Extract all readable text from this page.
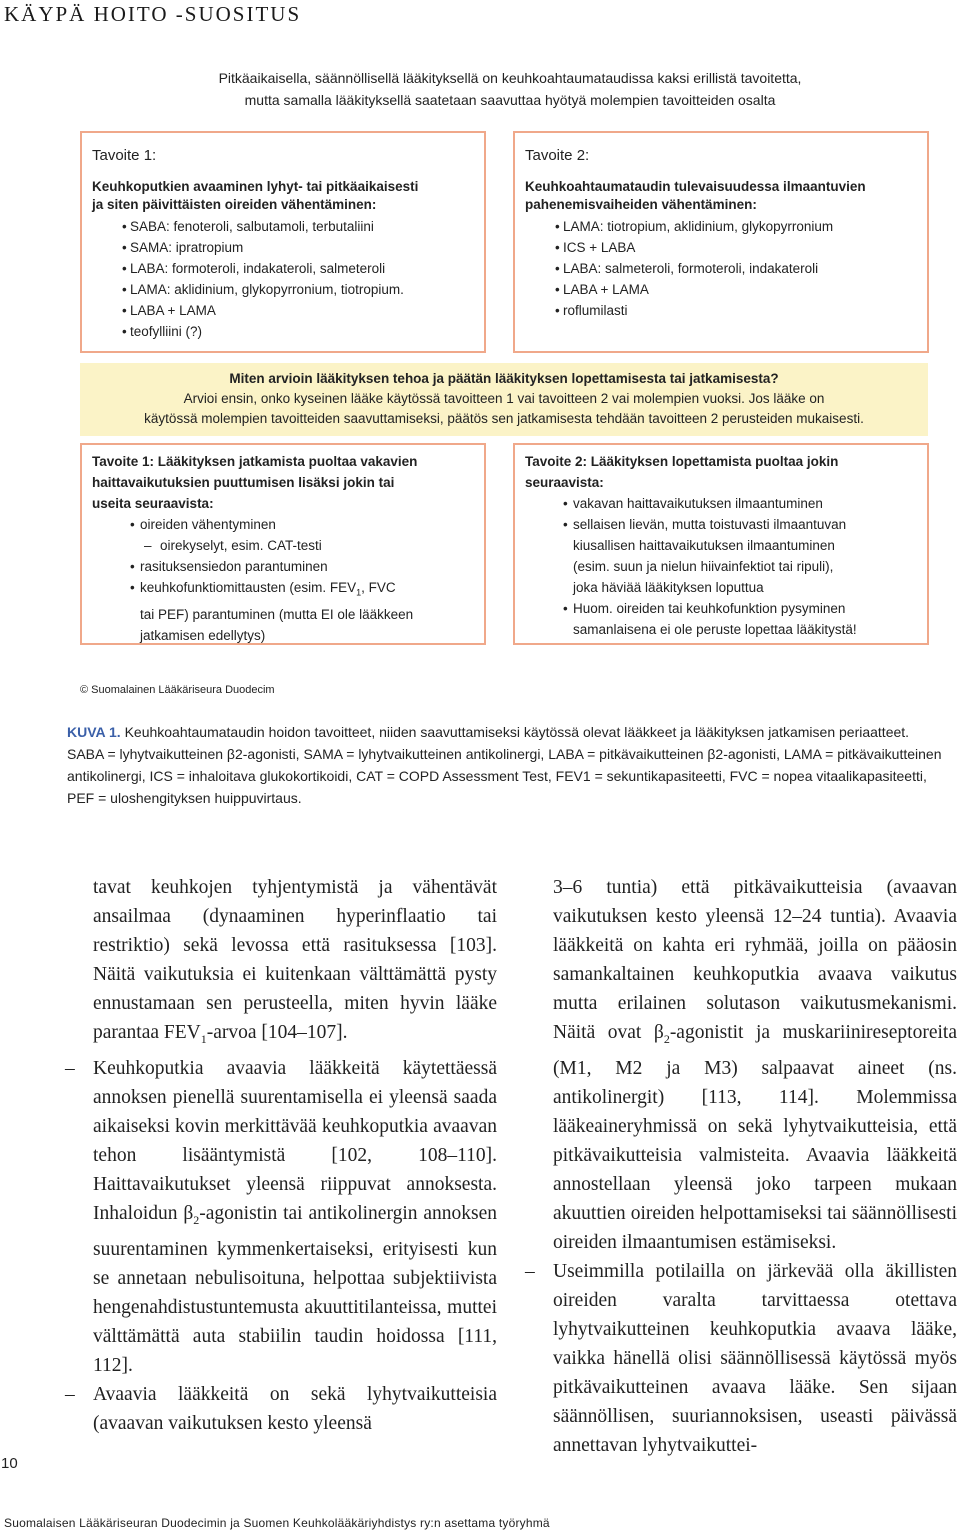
KÄYPÄ HOITO -SUOSITUS
Pitkäaikaisella, säännöllisellä lääkityksellä on keuhkoahtaumataudissa kaksi erillistä tavoitetta,
mutta samalla lääkityksellä saatetaan saavuttaa hyötyä molempien tavoitteiden osalta
Tavoite 1:
Keuhkoputkien avaaminen lyhyt- tai pitkäaikaisesti
ja siten päivittäisten oireiden vähentäminen:
• SABA: fenoteroli, salbutamoli, terbutaliini
• SAMA: ipratropium
• LABA: formoteroli, indakateroli, salmeteroli
• LAMA: aklidinium, glykopyrronium, tiotropium.
• LABA + LAMA
• teofylliini (?)
Tavoite 2:
Keuhkoahtaumataudin tulevaisuudessa ilmaantuvien
pahenemisvaiheiden vähentäminen:
• LAMA: tiotropium, aklidinium, glykopyrronium
• ICS + LABA
• LABA: salmeteroli, formoteroli, indakateroli
• LABA + LAMA
• roflumilasti
Miten arvioin lääkityksen tehoa ja päätän lääkityksen lopettamisesta tai jatkamisesta?
Arvioi ensin, onko kyseinen lääke käytössä tavoitteen 1 vai tavoitteen 2 vai molempien vuoksi. Jos lääke on
käytössä molempien tavoitteiden saavuttamiseksi, päätös sen jatkamisesta tehdään tavoitteen 2 perusteiden mukaisesti.
Tavoite 1: Lääkityksen jatkamista puoltaa vakavien
haittavaikutuksien puuttumisen lisäksi jokin tai
useita seuraavista:
• oireiden vähentyminen
– oirekyselyt, esim. CAT-testi
• rasituksensiedon parantuminen
• keuhkofunktiomittausten (esim. $FEV_1$, FVC
tai PEF) parantuminen (mutta EI ole lääkkeen
jatkamisen edellytys)
Tavoite 2: Lääkityksen lopettamista puoltaa jokin
seuraavista:
• vakavan haittavaikutuksen ilmaantuminen
• sellaisen lievän, mutta toistuvasti ilmaantuvan
kiusallisen haittavaikutuksen ilmaantuminen
(esim. suun ja nielun hiivainfektiot tai ripuli),
joka häviää lääkityksen loputtua
• Huom. oireiden tai keuhkofunktion pysyminen
samanlaisena ei ole peruste lopettaa lääkitystä!
© Suomalainen Lääkäriseura Duodecim
KUVA 1. Keuhkoahtaumataudin hoidon tavoitteet, niiden saavuttamiseksi käytössä olevat lääkkeet ja lääkityksen jatkamisen periaatteet.
SABA = lyhytvaikutteinen β2-agonisti, SAMA = lyhytvaikutteinen antikolinergi, LABA = pitkävaikutteinen β2-agonisti, LAMA = pitkävaikutteinen antikolinergi, ICS = inhaloitava glukokortikoidi, CAT = COPD Assessment Test, FEV1 = sekuntikapasiteetti, FVC = nopea vitaalikapasiteetti, PEF = uloshengityksen huippuvirtaus.

tavat keuhkojen tyhjentymistä ja vähentävät ansailmaa (dynaaminen hyperinflaatio tai restriktio) sekä levossa että rasituksessa [103]. Näitä vaikutuksia ei kuitenkaan välttämättä pysty ennustamaan sen perusteella, miten hyvin lääke parantaa $FEV_1$-arvoa [104–107].

– Keuhkoputkia avaavia lääkkeitä käytettäessä annoksen pienellä suurentamisella ei yleensä saada aikaiseksi kovin merkittävää keuhkoputkia avaavan tehon lisääntymistä [102, 108–110]. Haittavaikutukset yleensä riippuvat annoksesta. Inhaloidun $\beta_2$-agonistin tai antikolinergin annoksen suurentaminen kymmenkertaiseksi, erityisesti kun se annetaan nebulisoituna, helpottaa subjektiivista hengenahdistustuntemusta akuuttitilanteissa, muttei välttämättä auta stabiilin taudin hoidossa [111, 112].

– Avaavia lääkkeitä on sekä lyhytvaikutteisia (avaavan vaikutuksen kesto yleensä

3–6 tuntia) että pitkävaikutteisia (avaavan vaikutuksen kesto yleensä 12–24 tuntia). Avaavia lääkkeitä on kahta eri ryhmää, joilla on pääosin samankaltainen keuhkoputkia avaava vaikutus mutta erilainen solutason vaikutusmekanismi. Näitä ovat $\beta_2$-agonistit ja muskariinireseptoreita (M1, M2 ja M3) salpaavat aineet (ns. antikolinergit) [113, 114]. Molemmissa lääkeaineryhmissä on sekä lyhytvaikutteisia, että pitkävaikutteisia valmisteita. Avaavia lääkkeitä annostellaan yleensä joko tarpeen mukaan akuuttien oireiden helpottamiseksi tai säännöllisesti oireiden ilmaantumisen estämiseksi.

– Useimmilla potilailla on järkevää olla äkillisten oireiden varalta tarvittaessa otettava lyhytvaikutteinen keuhkoputkia avaava lääke, vaikka hänellä olisi säännöllisessä käytössä myös pitkävaikutteinen avaava lääke. Sen sijaan säännöllisen, suuriannoksisen, useasti päivässä annettavan lyhytvaikuttei-

10
Suomalaisen Lääkäriseuran Duodecimin ja Suomen Keuhkolääkäriyhdistys ry:n asettama työryhmä
